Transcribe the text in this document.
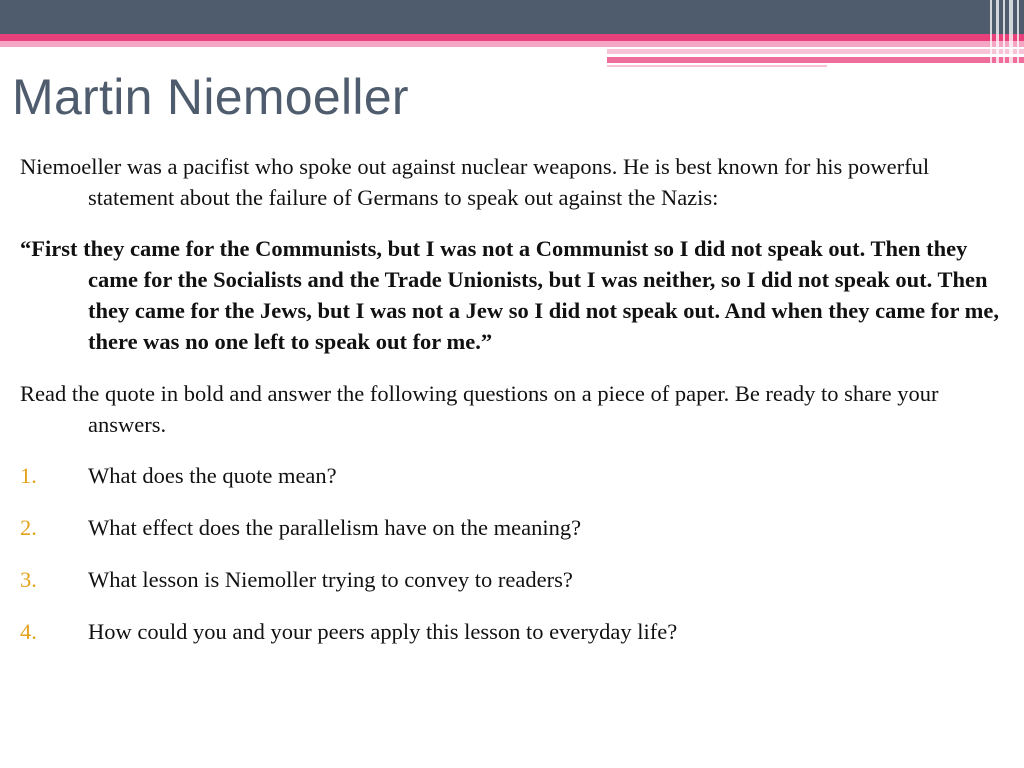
Martin Niemoeller

Niemoeller was a pacifist who spoke out against nuclear weapons. He is best known for his powerful statement about the failure of Germans to speak out against the Nazis:

“First they came for the Communists, but I was not a Communist so I did not speak out. Then they came for the Socialists and the Trade Unionists, but I was neither, so I did not speak out. Then they came for the Jews, but I was not a Jew so I did not speak out. And when they came for me, there was no one left to speak out for me.”

Read the quote in bold and answer the following questions on a piece of paper. Be ready to share your answers.

1. What does the quote mean?
2. What effect does the parallelism have on the meaning?
3. What lesson is Niemoller trying to convey to readers?
4. How could you and your peers apply this lesson to everyday life?
